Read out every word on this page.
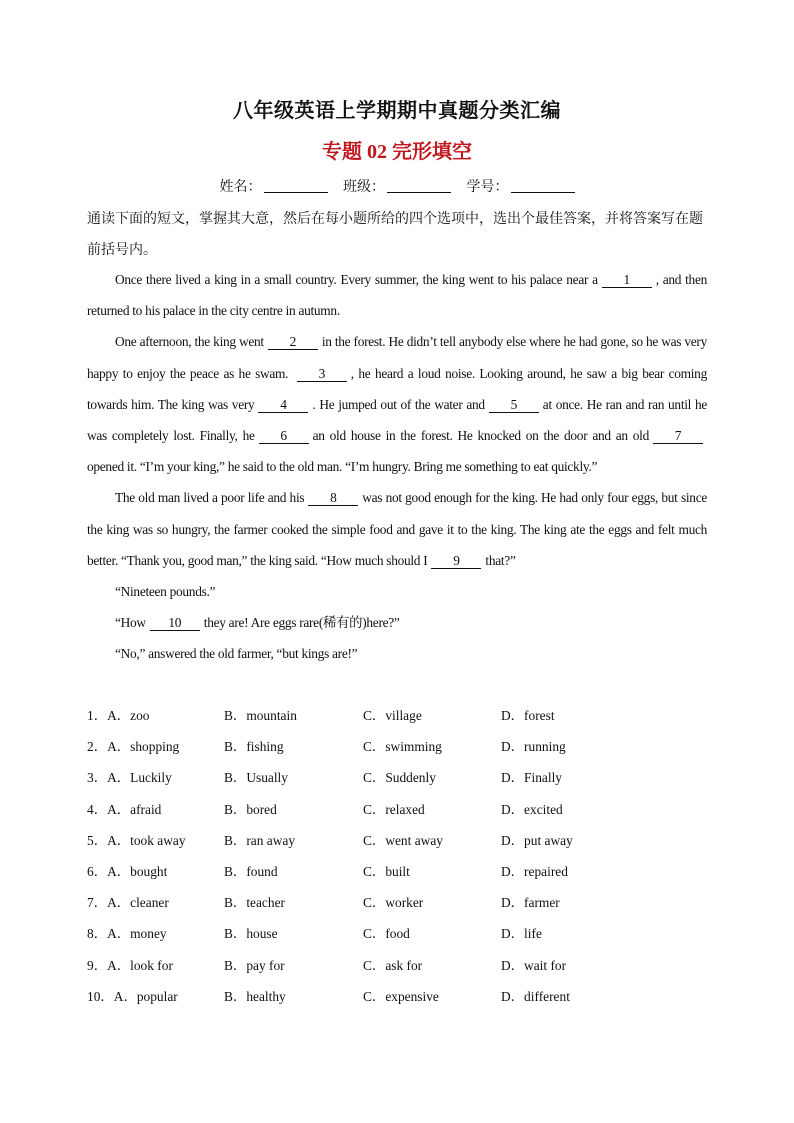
八年级英语上学期期中真题分类汇编
专题 02 完形填空
姓名：	班级：	学号：
通读下面的短文，掌握其大意，然后在每小题所给的四个选项中，选出个最佳答案，并将答案写在题前括号内。

Once there lived a king in a small country. Every summer, the king went to his palace near a 1 , and then returned to his palace in the city centre in autumn.

One afternoon, the king went 2 in the forest. He didn’t tell anybody else where he had gone, so he was very happy to enjoy the peace as he swam. 3 , he heard a loud noise. Looking around, he saw a big bear coming towards him. The king was very 4 . He jumped out of the water and 5 at once. He ran and ran until he was completely lost. Finally, he 6 an old house in the forest. He knocked on the door and an old 7opened it. “I’m your king,” he said to the old man. “I’m hungry. Bring me something to eat quickly.”

The old man lived a poor life and his 8 was not good enough for the king. He had only four eggs, but since the king was so hungry, the farmer cooked the simple food and gave it to the king. The king ate the eggs and felt much better. “Thank you, good man,” the king said. “How much should I 9 that?”

“Nineteen pounds.”

“How 10 they are! Are eggs rare(稀有的)here?”

“No,” answered the old farmer, “but kings are!”

1．A．zoo	B．mountain	C．village	D．forest
2．A．shopping	B．fishing	C．swimming	D．running
3．A．Luckily	B．Usually	C．Suddenly	D．Finally
4．A．afraid	B．bored	C．relaxed	D．excited
5．A．took away	B．ran away	C．went away	D．put away
6．A．bought	B．found	C．built	D．repaired
7．A．cleaner	B．teacher	C．worker	D．farmer
8．A．money	B．house	C．food	D．life
9．A．look for	B．pay for	C．ask for	D．wait for
10．A．popular	B．healthy	C．expensive	D．different
